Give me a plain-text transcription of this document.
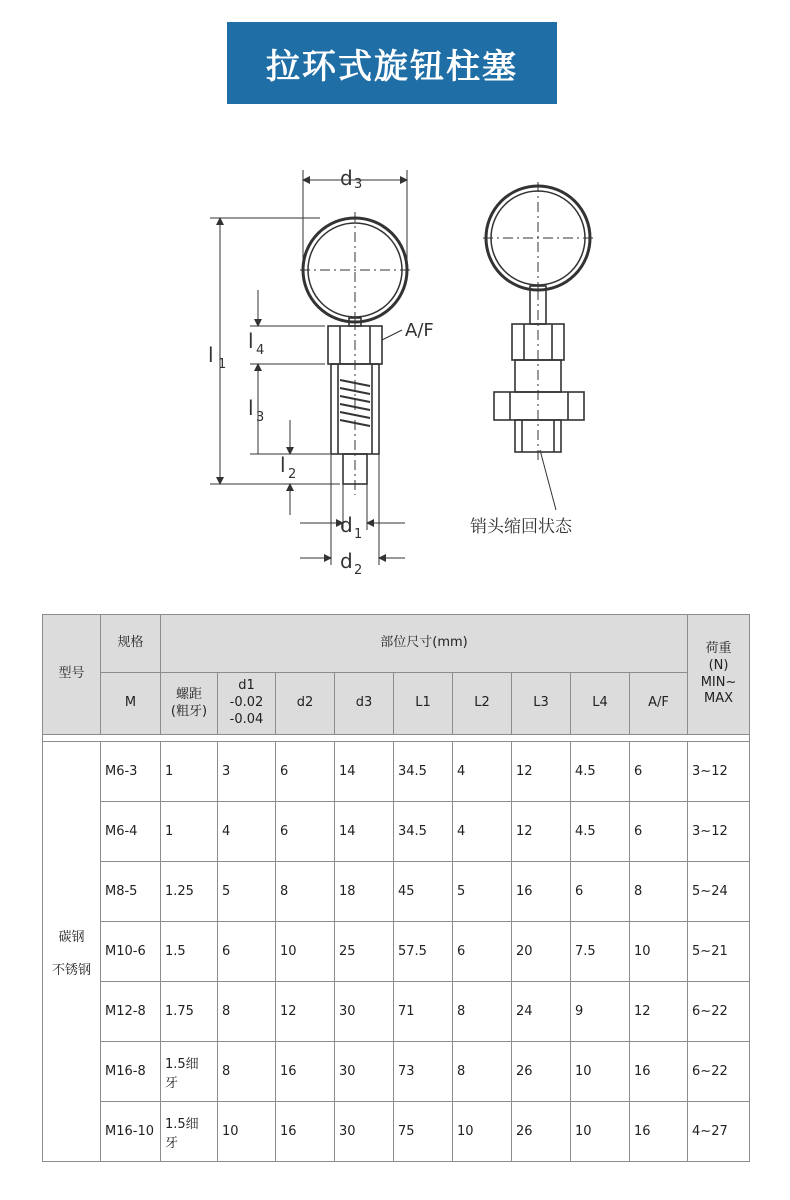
拉环式旋钮柱塞
d 3
A/F
l 1
l 4
l 3
l 2
d 1
d 2
销头缩回状态
型号	规格	部位尺寸(mm)									荷重
(N)
MIN~
MAX

	M	螺距
(粗牙)	d1
-0.02
-0.04	d2	d3	L1	L2	L3	L4	A/F	

碳钢
不锈钢	M6-3	1	3	6	14	34.5	4	12	4.5	6	3~12
	M6-4	1	4	6	14	34.5	4	12	4.5	6	3~12
	M8-5	1.25	5	8	18	45	5	16	6	8	5~24
	M10-6	1.5	6	10	25	57.5	6	20	7.5	10	5~21
	M12-8	1.75	8	12	30	71	8	24	9	12	6~22
	M16-8	1.5细
牙	8	16	30	73	8	26	10	16	6~22
	M16-10	1.5细
牙	10	16	30	75	10	26	10	16	4~27
